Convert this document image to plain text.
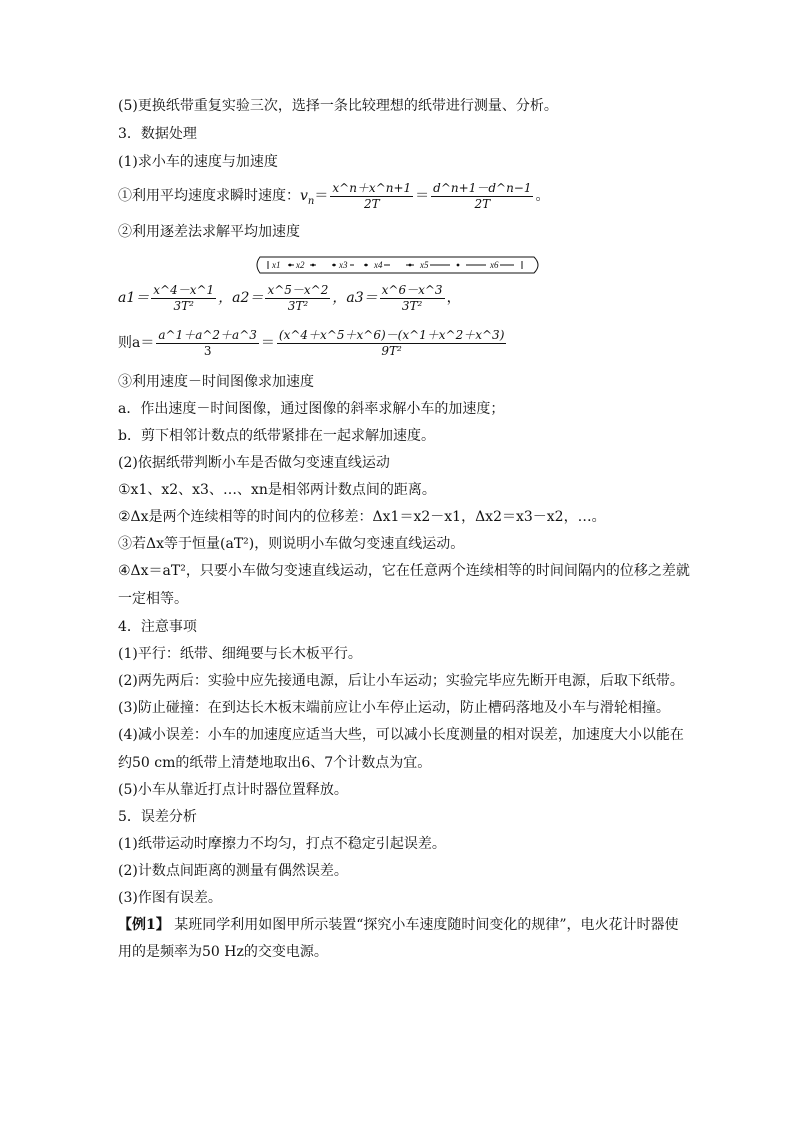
(5)更换纸带重复实验三次，选择一条比较理想的纸带进行测量、分析。
3．数据处理
(1)求小车的速度与加速度
①利用平均速度求瞬时速度：$v_n= \frac{x\^{}n+x\^{}n+1}{2T} = \frac{d\^{}n+1-d\^{}n-1}{2T}$ 。
②利用逐差法求解平均加速度
x1 x2	x3	x4	x5	x6
$a1= \frac{x\^{}4-x\^{}1}{\text{3T²}}$ ，$a2= \frac{x\^{}5-x\^{}2}{\text{3T²}}$ ，$a3= \frac{x\^{}6-x\^{}3}{\text{3T²}}$ ，
则$a= \frac{a\^{}1+a\^{}2+a\^{}3}{3} = \frac{(x\^{}4+x\^{}5+x\^{}6)-(x\^{}1+x\^{}2+x\^{}3)}{\text{9T²}}$
③利用速度－时间图像求加速度
a．作出速度－时间图像，通过图像的斜率求解小车的加速度；
b．剪下相邻计数点的纸带紧排在一起求解加速度。
(2)依据纸带判断小车是否做匀变速直线运动
①x1、x2、x3、…、xn是相邻两计数点间的距离。
②Δx是两个连续相等的时间内的位移差：Δx1＝x2－x1，Δx2＝x3－x2，…。
③若Δx等于恒量(aT²)，则说明小车做匀变速直线运动。
④Δx＝aT²，只要小车做匀变速直线运动，它在任意两个连续相等的时间间隔内的位移之差就
一定相等。
4．注意事项
(1)平行：纸带、细绳要与长木板平行。
(2)两先两后：实验中应先接通电源，后让小车运动；实验完毕应先断开电源，后取下纸带。
(3)防止碰撞：在到达长木板末端前应让小车停止运动，防止槽码落地及小车与滑轮相撞。
(4)减小误差：小车的加速度应适当大些，可以减小长度测量的相对误差，加速度大小以能在
约50 cm的纸带上清楚地取出6、7个计数点为宜。
(5)小车从靠近打点计时器位置释放。
5．误差分析
(1)纸带运动时摩擦力不均匀，打点不稳定引起误差。
(2)计数点间距离的测量有偶然误差。
(3)作图有误差。
【例1】 某班同学利用如图甲所示装置“探究小车速度随时间变化的规律”，电火花计时器使
用的是频率为50 Hz的交变电源。
